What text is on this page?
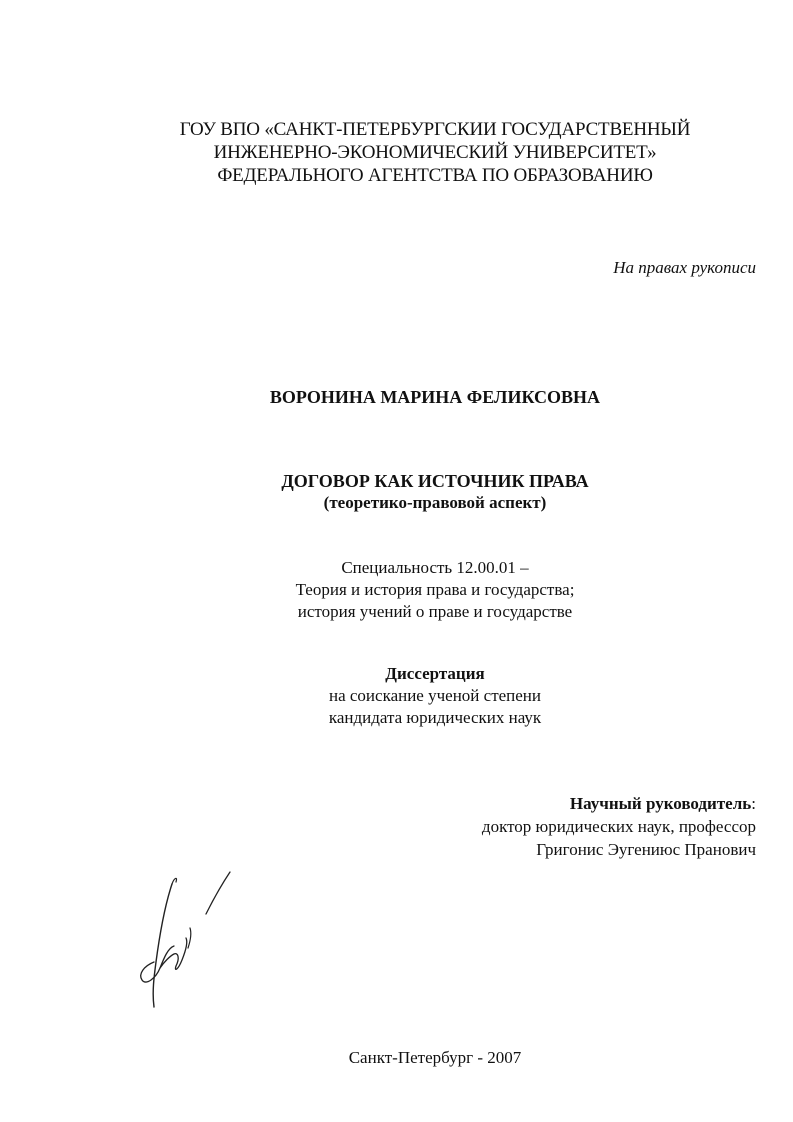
ГОУ ВПО «САНКТ-ПЕТЕРБУРГСКИИ ГОСУДАРСТВЕННЫЙ
ИНЖЕНЕРНО-ЭКОНОМИЧЕСКИЙ УНИВЕРСИТЕТ»
ФЕДЕРАЛЬНОГО АГЕНТСТВА ПО ОБРАЗОВАНИЮ
На правах рукописи
ВОРОНИНА МАРИНА ФЕЛИКСОВНА
ДОГОВОР КАК ИСТОЧНИК ПРАВА
(теоретико-правовой аспект)
Специальность 12.00.01 –
Теория и история права и государства;
история учений о праве и государстве
Диссертация
на соискание ученой степени
кандидата юридических наук
Научный руководитель:
доктор юридических наук, профессор
Григонис Эугениюс Пранович
Санкт-Петербург - 2007
